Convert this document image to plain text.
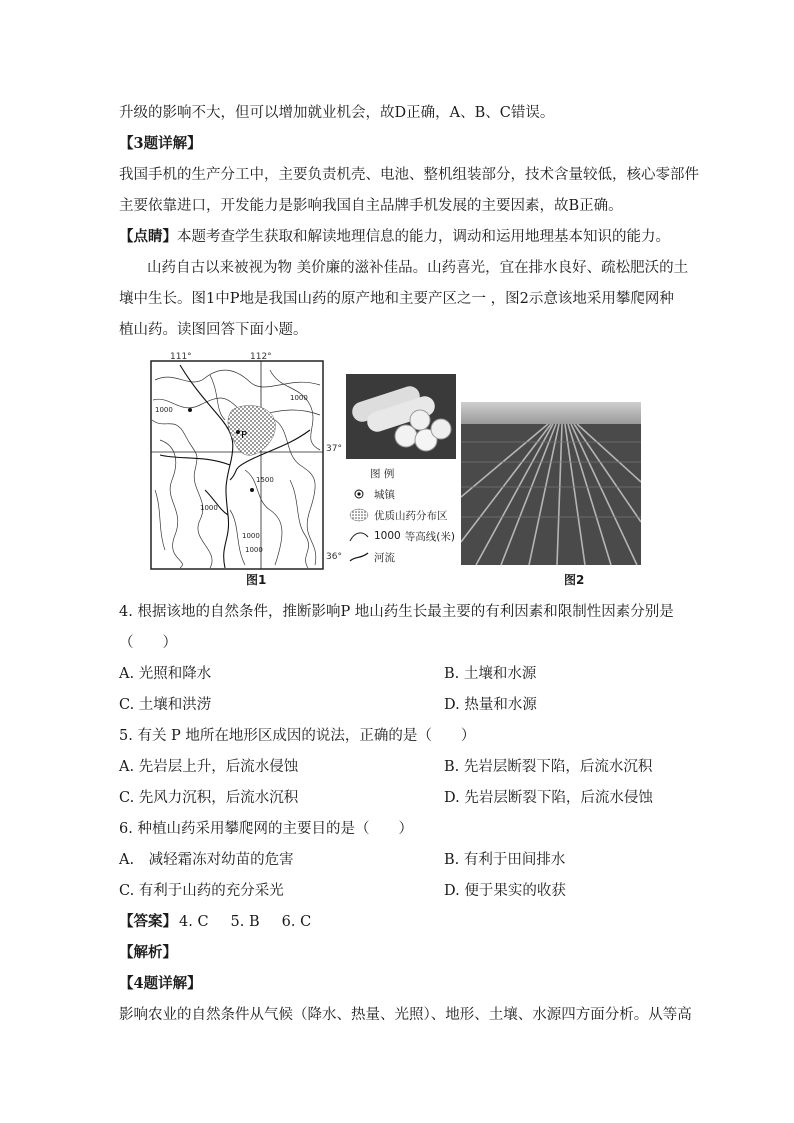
升级的影响不大，但可以增加就业机会，故D正确，A、B、C错误。
【3题详解】
我国手机的生产分工中，主要负责机壳、电池、整机组装部分，技术含量较低，核心零部件
主要依靠进口，开发能力是影响我国自主品牌手机发展的主要因素，故B正确。
【点睛】本题考查学生获取和解读地理信息的能力，调动和运用地理基本知识的能力。
山药自古以来被视为物 美价廉的滋补佳品。山药喜光，宜在排水良好、疏松肥沃的土
壤中生长。图1中P地是我国山药的原产地和主要产区之一 ，图2示意该地采用攀爬网种
植山药。读图回答下面小题。
P
1000
1000
1000
1000
1000
1500
111°	112°
37°
36°
图1
图 例
城镇
优质山药分布区
1000 等高线(米)
河流
图2
4. 根据该地的自然条件，推断影响P 地山药生长最主要的有利因素和限制性因素分别是
（　　）
A. 光照和降水	B. 土壤和水源
C. 土壤和洪涝	D. 热量和水源
5. 有关 P 地所在地形区成因的说法，正确的是（　　）
A. 先岩层上升，后流水侵蚀	B. 先岩层断裂下陷，后流水沉积
C. 先风力沉积，后流水沉积	D. 先岩层断裂下陷，后流水侵蚀
6. 种植山药采用攀爬网的主要目的是（　　）
A.　减轻霜冻对幼苗的危害	B. 有利于田间排水
C. 有利于山药的充分采光	D. 便于果实的收获
【答案】 4. C 5. B 6. C
【解析】
【4题详解】
影响农业的自然条件从气候（降水、热量、光照）、地形、土壤、水源四方面分析。从等高
